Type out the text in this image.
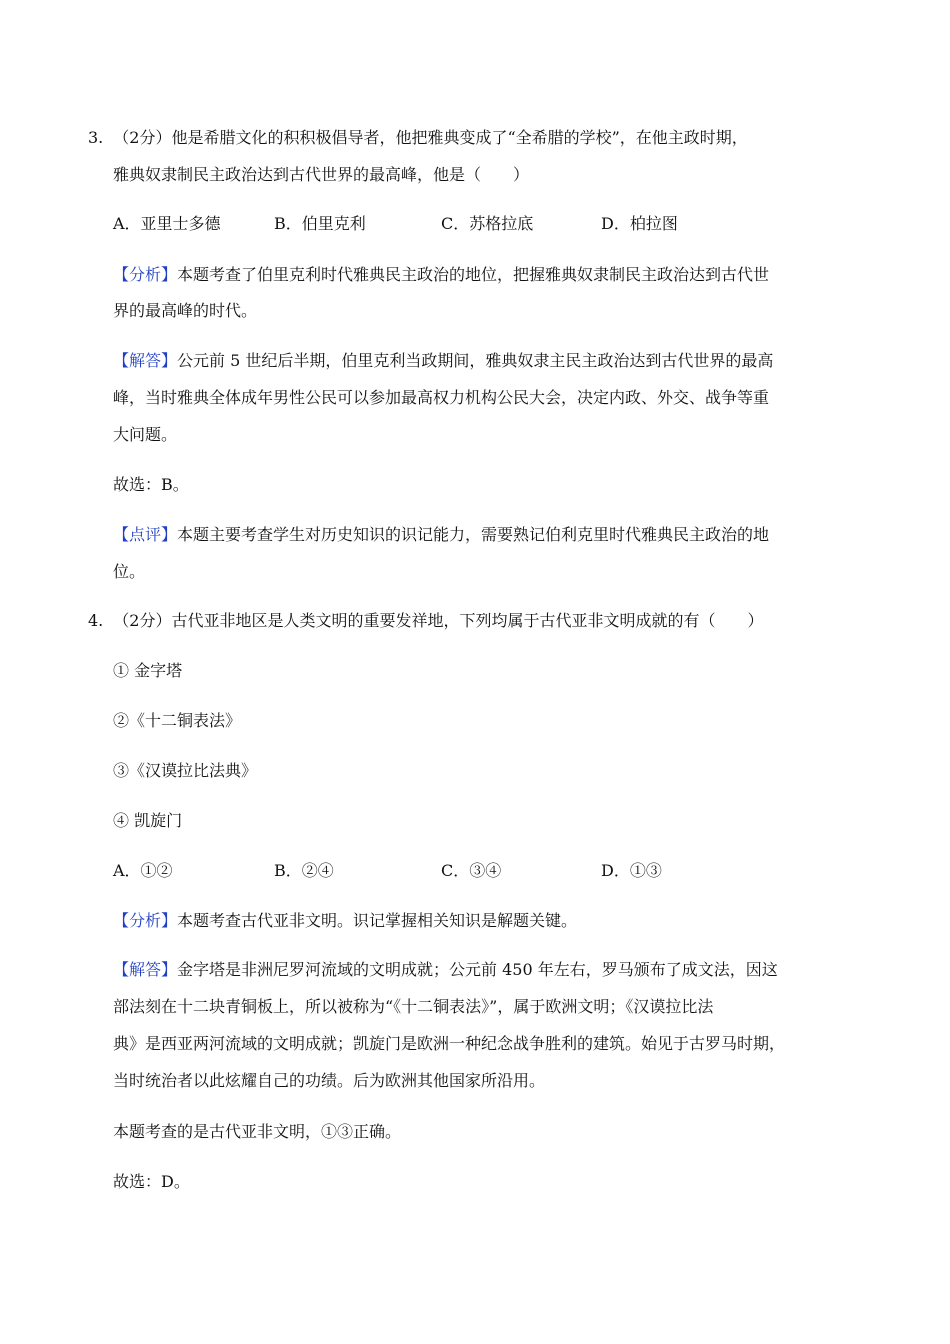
3. （2分）他是希腊文化的积积极倡导者，他把雅典变成了“全希腊的学校”，在他主政时期，
雅典奴隶制民主政治达到古代世界的最高峰，他是（　　）
A．亚里士多德	B．伯里克利	C．苏格拉底	D．柏拉图
【分析】本题考查了伯里克利时代雅典民主政治的地位，把握雅典奴隶制民主政治达到古代世
界的最高峰的时代。
【解答】公元前 5 世纪后半期，伯里克利当政期间，雅典奴隶主民主政治达到古代世界的最高
峰，当时雅典全体成年男性公民可以参加最高权力机构公民大会，决定内政、外交、战争等重
大问题。
故选：B。
【点评】本题主要考查学生对历史知识的识记能力，需要熟记伯利克里时代雅典民主政治的地
位。
4. （2分）古代亚非地区是人类文明的重要发祥地，下列均属于古代亚非文明成就的有（　　）
① 金字塔
②《十二铜表法》
③《汉谟拉比法典》
④ 凯旋门
A．①②	B．②④	C．③④	D．①③
【分析】本题考查古代亚非文明。识记掌握相关知识是解题关键。
【解答】金字塔是非洲尼罗河流域的文明成就；公元前 450 年左右，罗马颁布了成文法，因这
部法刻在十二块青铜板上，所以被称为“《十二铜表法》”，属于欧洲文明；《汉谟拉比法
典》是西亚两河流域的文明成就；凯旋门是欧洲一种纪念战争胜利的建筑。始见于古罗马时期，
当时统治者以此炫耀自己的功绩。后为欧洲其他国家所沿用。
本题考查的是古代亚非文明，①③正确。
故选：D。
